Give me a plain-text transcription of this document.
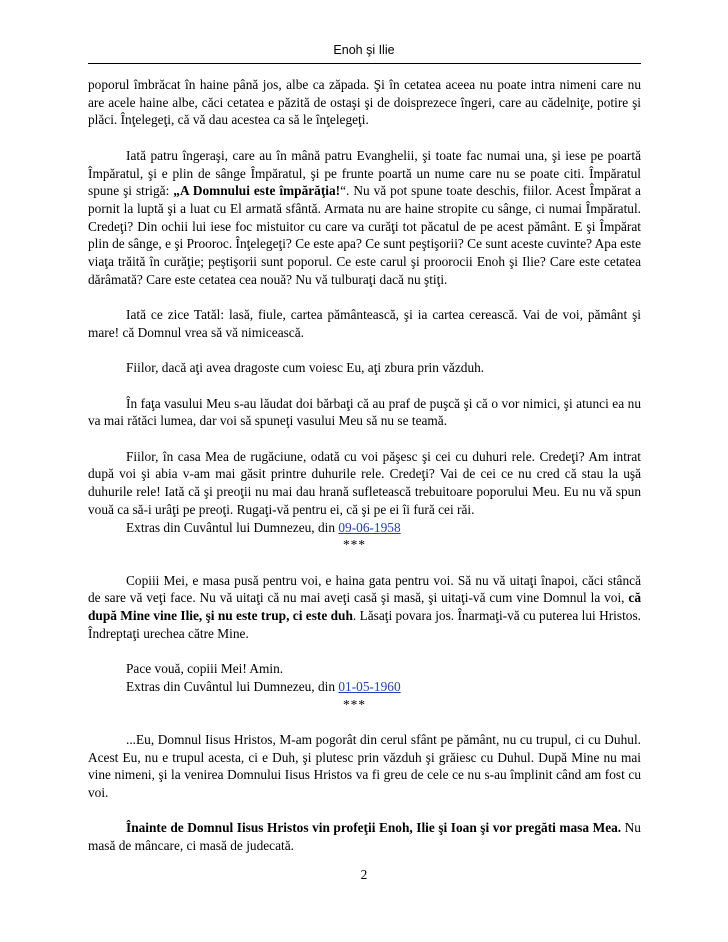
Enoh şi Ilie

poporul îmbrăcat în haine până jos, albe ca zăpada. Şi în cetatea aceea nu poate intra nimeni care nu are acele haine albe, căci cetatea e păzită de ostaşi şi de doisprezece îngeri, care au cădelniţe, potire şi plăci. Înţelegeţi, că vă dau acestea ca să le înţelegeţi.

Iată patru îngeraşi, care au în mână patru Evanghelii, şi toate fac numai una, şi iese pe poartă Împăratul, şi e plin de sânge Împăratul, şi pe frunte poartă un nume care nu se poate citi. Împăratul spune şi strigă: „A Domnului este împărăţia!“. Nu vă pot spune toate deschis, fiilor. Acest Împărat a pornit la luptă şi a luat cu El armată sfântă. Armata nu are haine stropite cu sânge, ci numai Împăratul. Credeţi? Din ochii lui iese foc mistuitor cu care va curăţi tot păcatul de pe acest pământ. E şi Împărat plin de sânge, e şi Prooroc. Înţelegeţi? Ce este apa? Ce sunt peştişorii? Ce sunt aceste cuvinte? Apa este viaţa trăită în curăţie; peştişorii sunt poporul. Ce este carul şi proorocii Enoh şi Ilie? Care este cetatea dărâmată? Care este cetatea cea nouă? Nu vă tulburaţi dacă nu ştiţi.

Iată ce zice Tatăl: lasă, fiule, cartea pământească, şi ia cartea cerească. Vai de voi, pământ şi mare! că Domnul vrea să vă nimicească.

Fiilor, dacă aţi avea dragoste cum voiesc Eu, aţi zbura prin văzduh.

În faţa vasului Meu s-au lăudat doi bărbaţi că au praf de puşcă şi că o vor nimici, şi atunci ea nu va mai rătăci lumea, dar voi să spuneţi vasului Meu să nu se teamă.

Fiilor, în casa Mea de rugăciune, odată cu voi păşesc şi cei cu duhuri rele. Credeţi? Am intrat după voi şi abia v-am mai găsit printre duhurile rele. Credeţi? Vai de cei ce nu cred că stau la uşă duhurile rele! Iată că şi preoţii nu mai dau hrană sufletească trebuitoare poporului Meu. Eu nu vă spun vouă ca să-i urâţi pe preoţi. Rugaţi-vă pentru ei, că şi pe ei îi fură cei răi.

Extras din Cuvântul lui Dumnezeu, din 09-06-1958

***

Copiii Mei, e masa pusă pentru voi, e haina gata pentru voi. Să nu vă uitaţi înapoi, căci stâncă de sare vă veţi face. Nu vă uitaţi că nu mai aveţi casă şi masă, şi uitaţi-vă cum vine Domnul la voi, că după Mine vine Ilie, şi nu este trup, ci este duh. Lăsaţi povara jos. Înarmaţi-vă cu puterea lui Hristos. Îndreptaţi urechea către Mine.

Pace vouă, copiii Mei! Amin.

Extras din Cuvântul lui Dumnezeu, din 01-05-1960

***

...Eu, Domnul Iisus Hristos, M-am pogorât din cerul sfânt pe pământ, nu cu trupul, ci cu Duhul. Acest Eu, nu e trupul acesta, ci e Duh, şi plutesc prin văzduh şi grăiesc cu Duhul. După Mine nu mai vine nimeni, şi la venirea Domnului Iisus Hristos va fi greu de cele ce nu s-au împlinit când am fost cu voi.

Înainte de Domnul Iisus Hristos vin profeţii Enoh, Ilie şi Ioan şi vor pregăti masa Mea. Nu masă de mâncare, ci masă de judecată.

2
